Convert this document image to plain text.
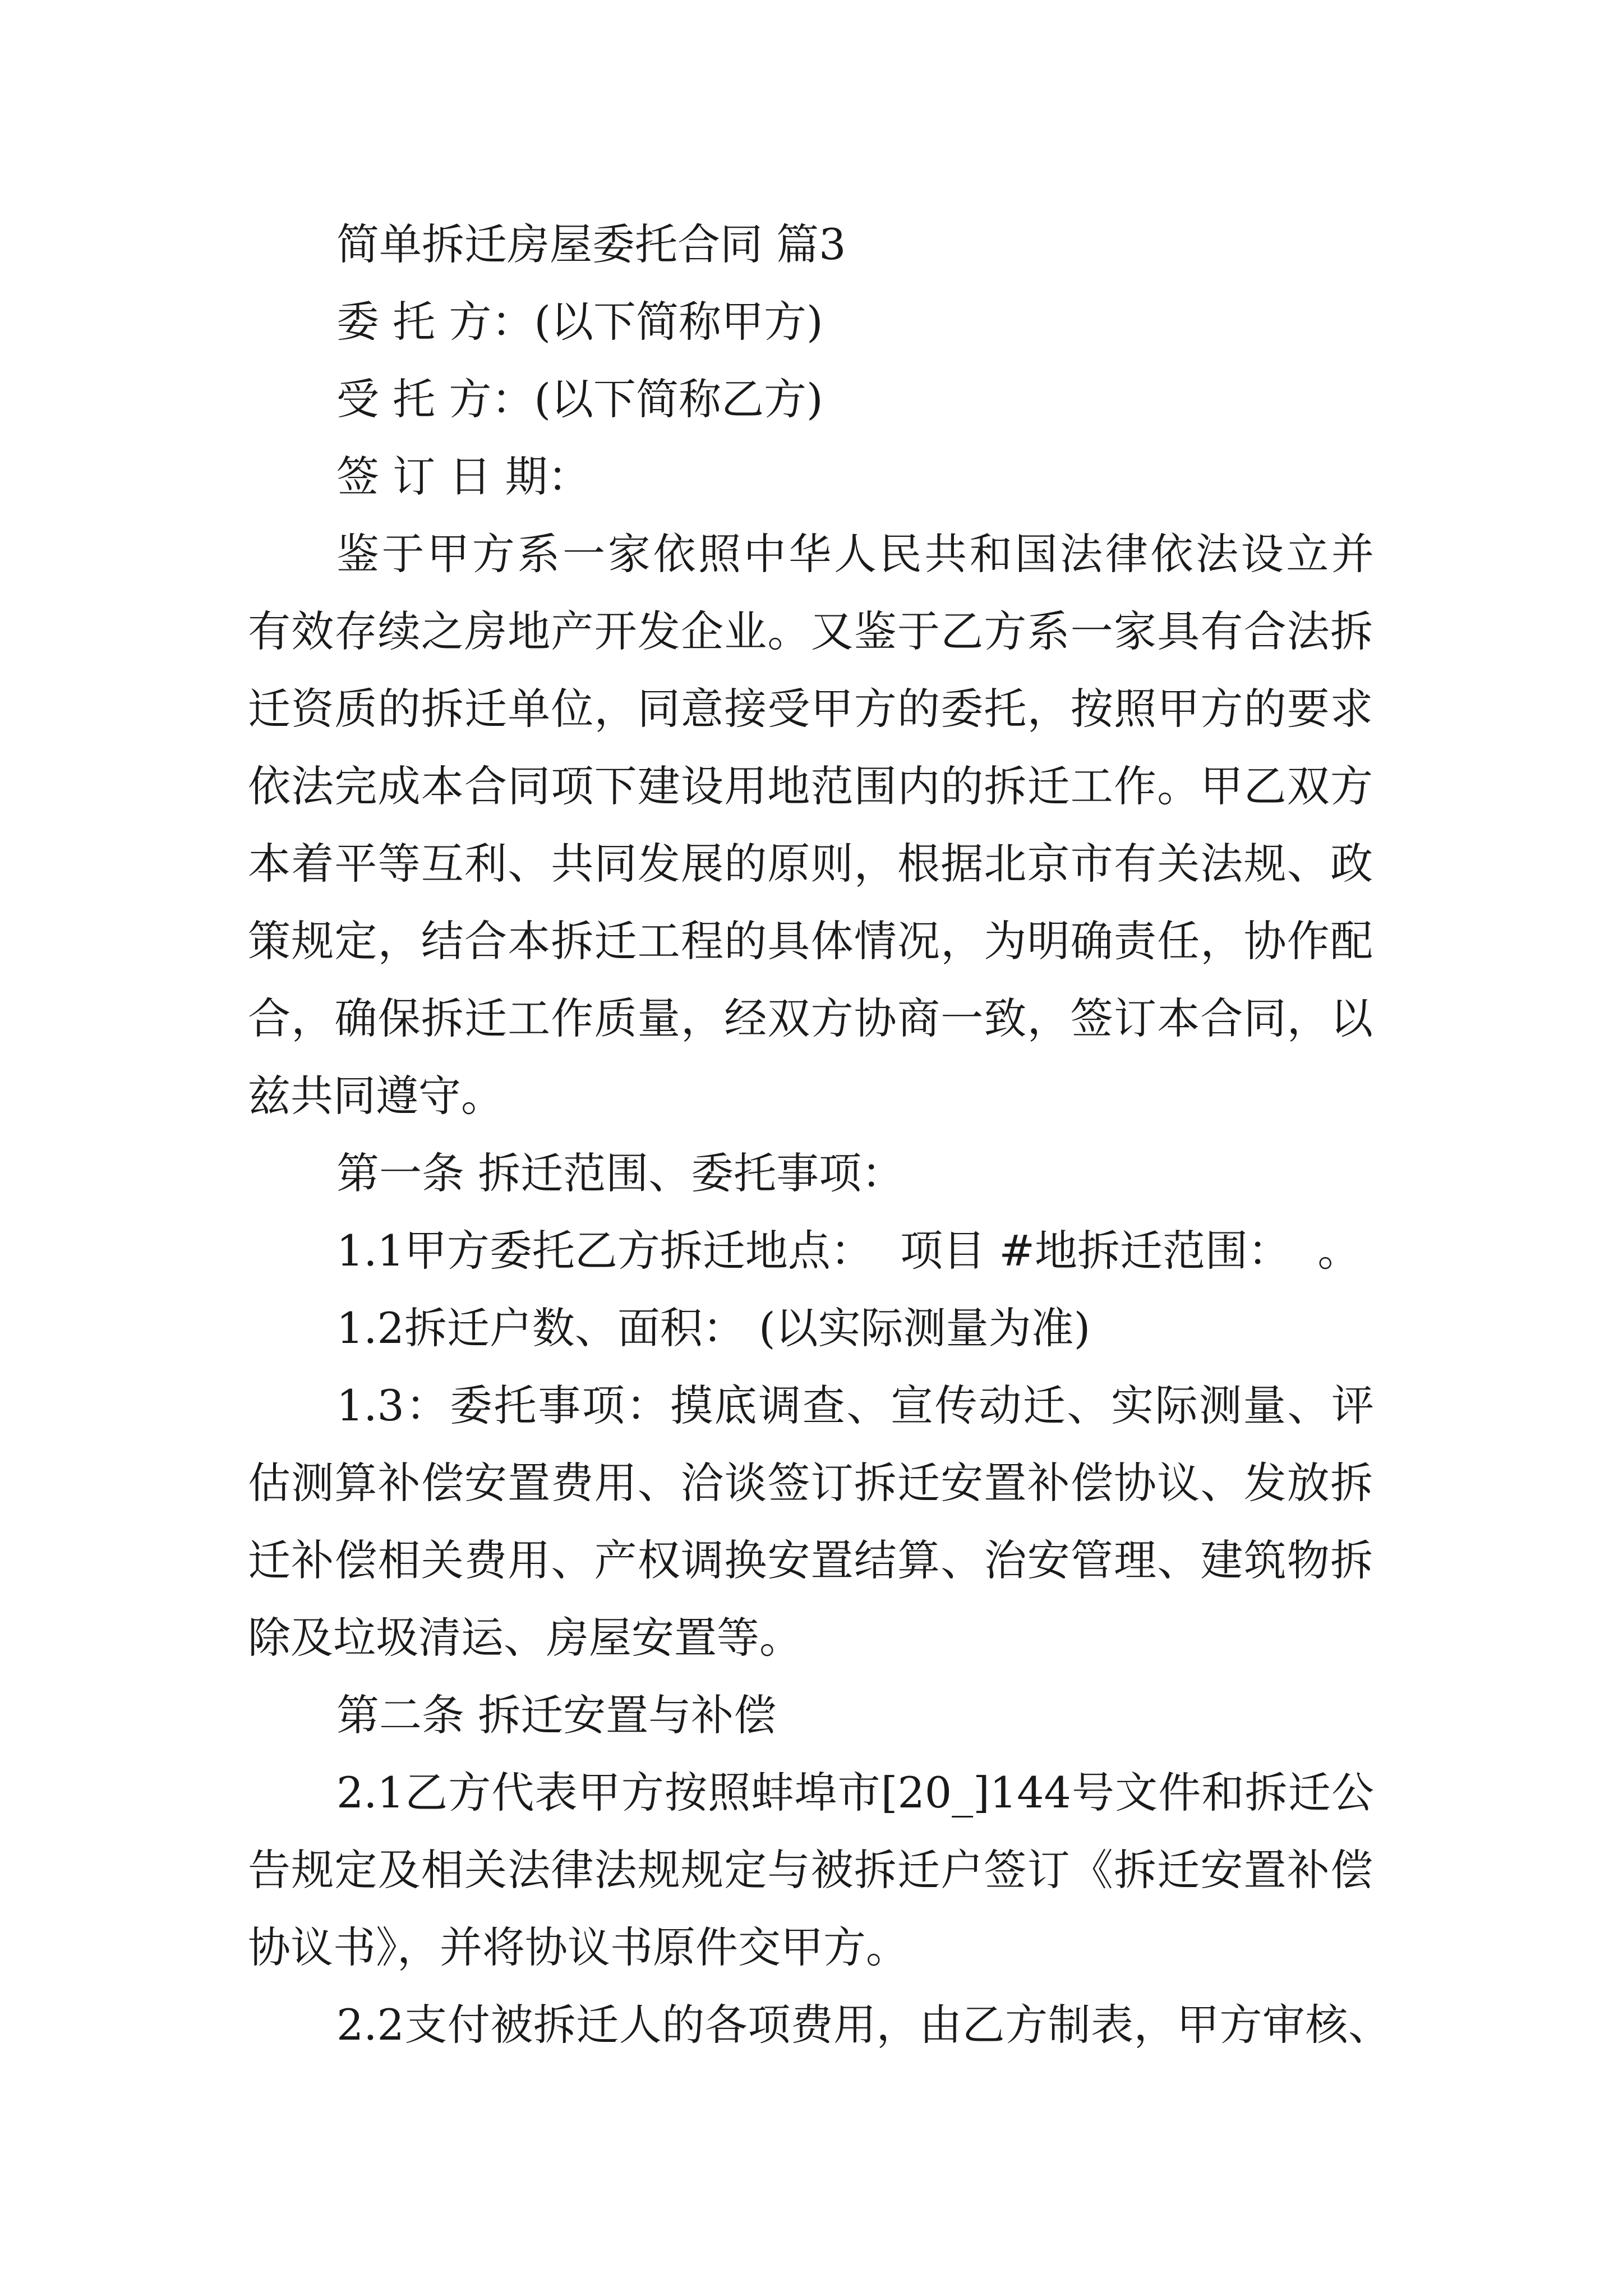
简单拆迁房屋委托合同 篇3
委 托 方：(以下简称甲方)
受 托 方：(以下简称乙方)
签 订 日 期：
鉴于甲方系一家依照中华人民共和国法律依法设立并
有效存续之房地产开发企业。又鉴于乙方系一家具有合法拆
迁资质的拆迁单位，同意接受甲方的委托，按照甲方的要求
依法完成本合同项下建设用地范围内的拆迁工作。甲乙双方
本着平等互利、共同发展的原则，根据北京市有关法规、政
策规定，结合本拆迁工程的具体情况，为明确责任，协作配
合，确保拆迁工作质量，经双方协商一致，签订本合同，以
兹共同遵守。
第一条 拆迁范围、委托事项：
1.1甲方委托乙方拆迁地点：  项目 #地拆迁范围：  。
1.2拆迁户数、面积： (以实际测量为准)
1.3：委托事项：摸底调查、宣传动迁、实际测量、评
估测算补偿安置费用、洽谈签订拆迁安置补偿协议、发放拆
迁补偿相关费用、产权调换安置结算、治安管理、建筑物拆
除及垃圾清运、房屋安置等。
第二条 拆迁安置与补偿
2.1乙方代表甲方按照蚌埠市[20_]144号文件和拆迁公
告规定及相关法律法规规定与被拆迁户签订《拆迁安置补偿
协议书》，并将协议书原件交甲方。
2.2支付被拆迁人的各项费用，由乙方制表，甲方审核、
